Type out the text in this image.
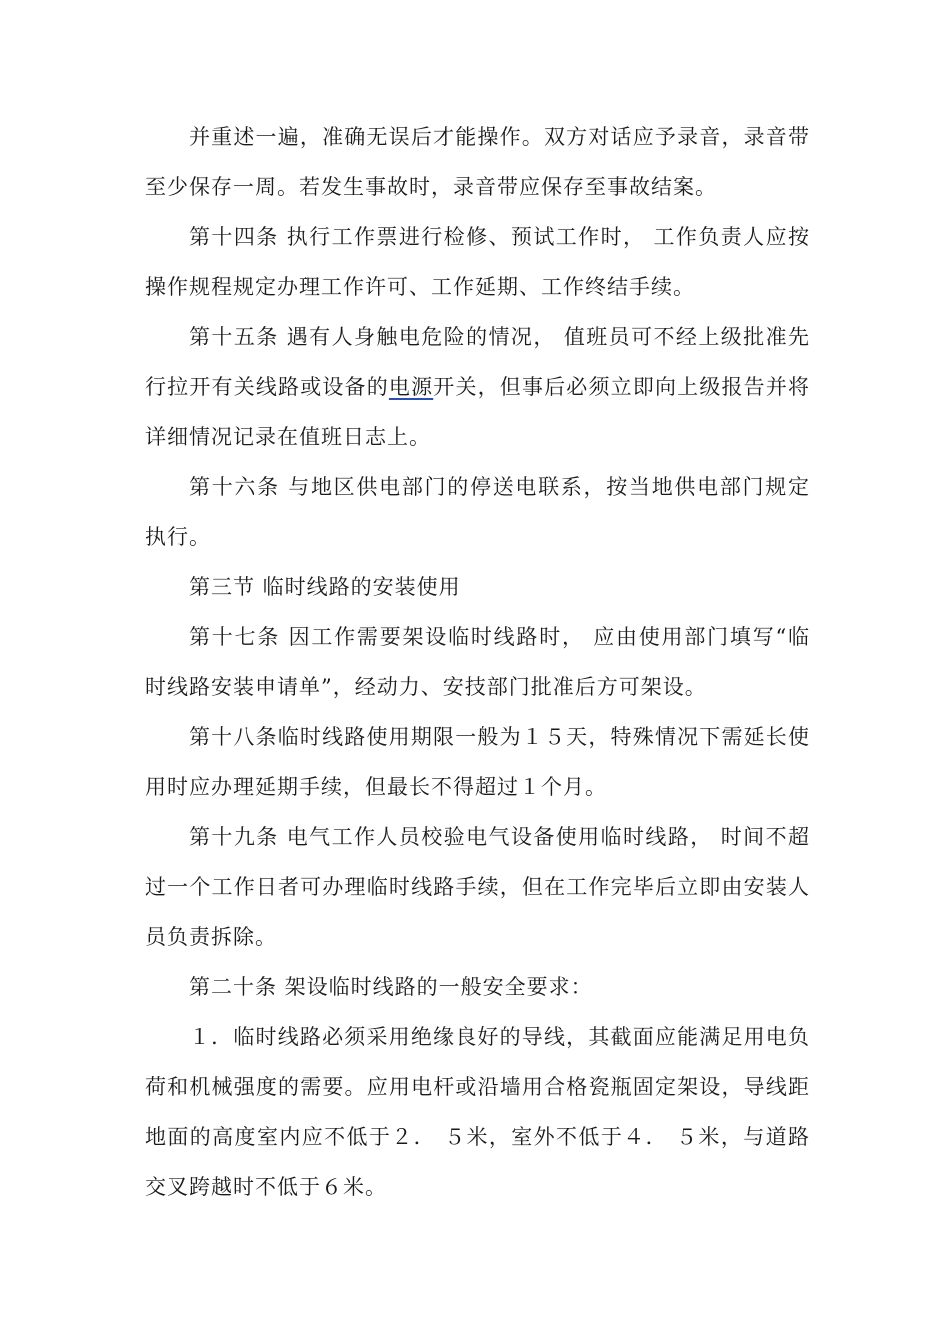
并重述一遍，准确无误后才能操作。双方对话应予录音，录音带至少保存一周。若发生事故时，录音带应保存至事故结案。

第十四条 执行工作票进行检修、预试工作时， 工作负责人应按操作规程规定办理工作许可、工作延期、工作终结手续。

第十五条 遇有人身触电危险的情况， 值班员可不经上级批准先行拉开有关线路或设备的电源开关，但事后必须立即向上级报告并将详细情况记录在值班日志上。

第十六条 与地区供电部门的停送电联系，按当地供电部门规定执行。

第三节 临时线路的安装使用

第十七条 因工作需要架设临时线路时， 应由使用部门填写“临时线路安装申请单”，经动力、安技部门批准后方可架设。

第十八条临时线路使用期限一般为１５天，特殊情况下需延长使用时应办理延期手续，但最长不得超过１个月。

第十九条 电气工作人员校验电气设备使用临时线路， 时间不超过一个工作日者可办理临时线路手续，但在工作完毕后立即由安装人员负责拆除。

第二十条 架设临时线路的一般安全要求：

１．临时线路必须采用绝缘良好的导线，其截面应能满足用电负荷和机械强度的需要。应用电杆或沿墙用合格瓷瓶固定架设，导线距地面的高度室内应不低于２． ５米，室外不低于４． ５米，与道路交叉跨越时不低于６米。
